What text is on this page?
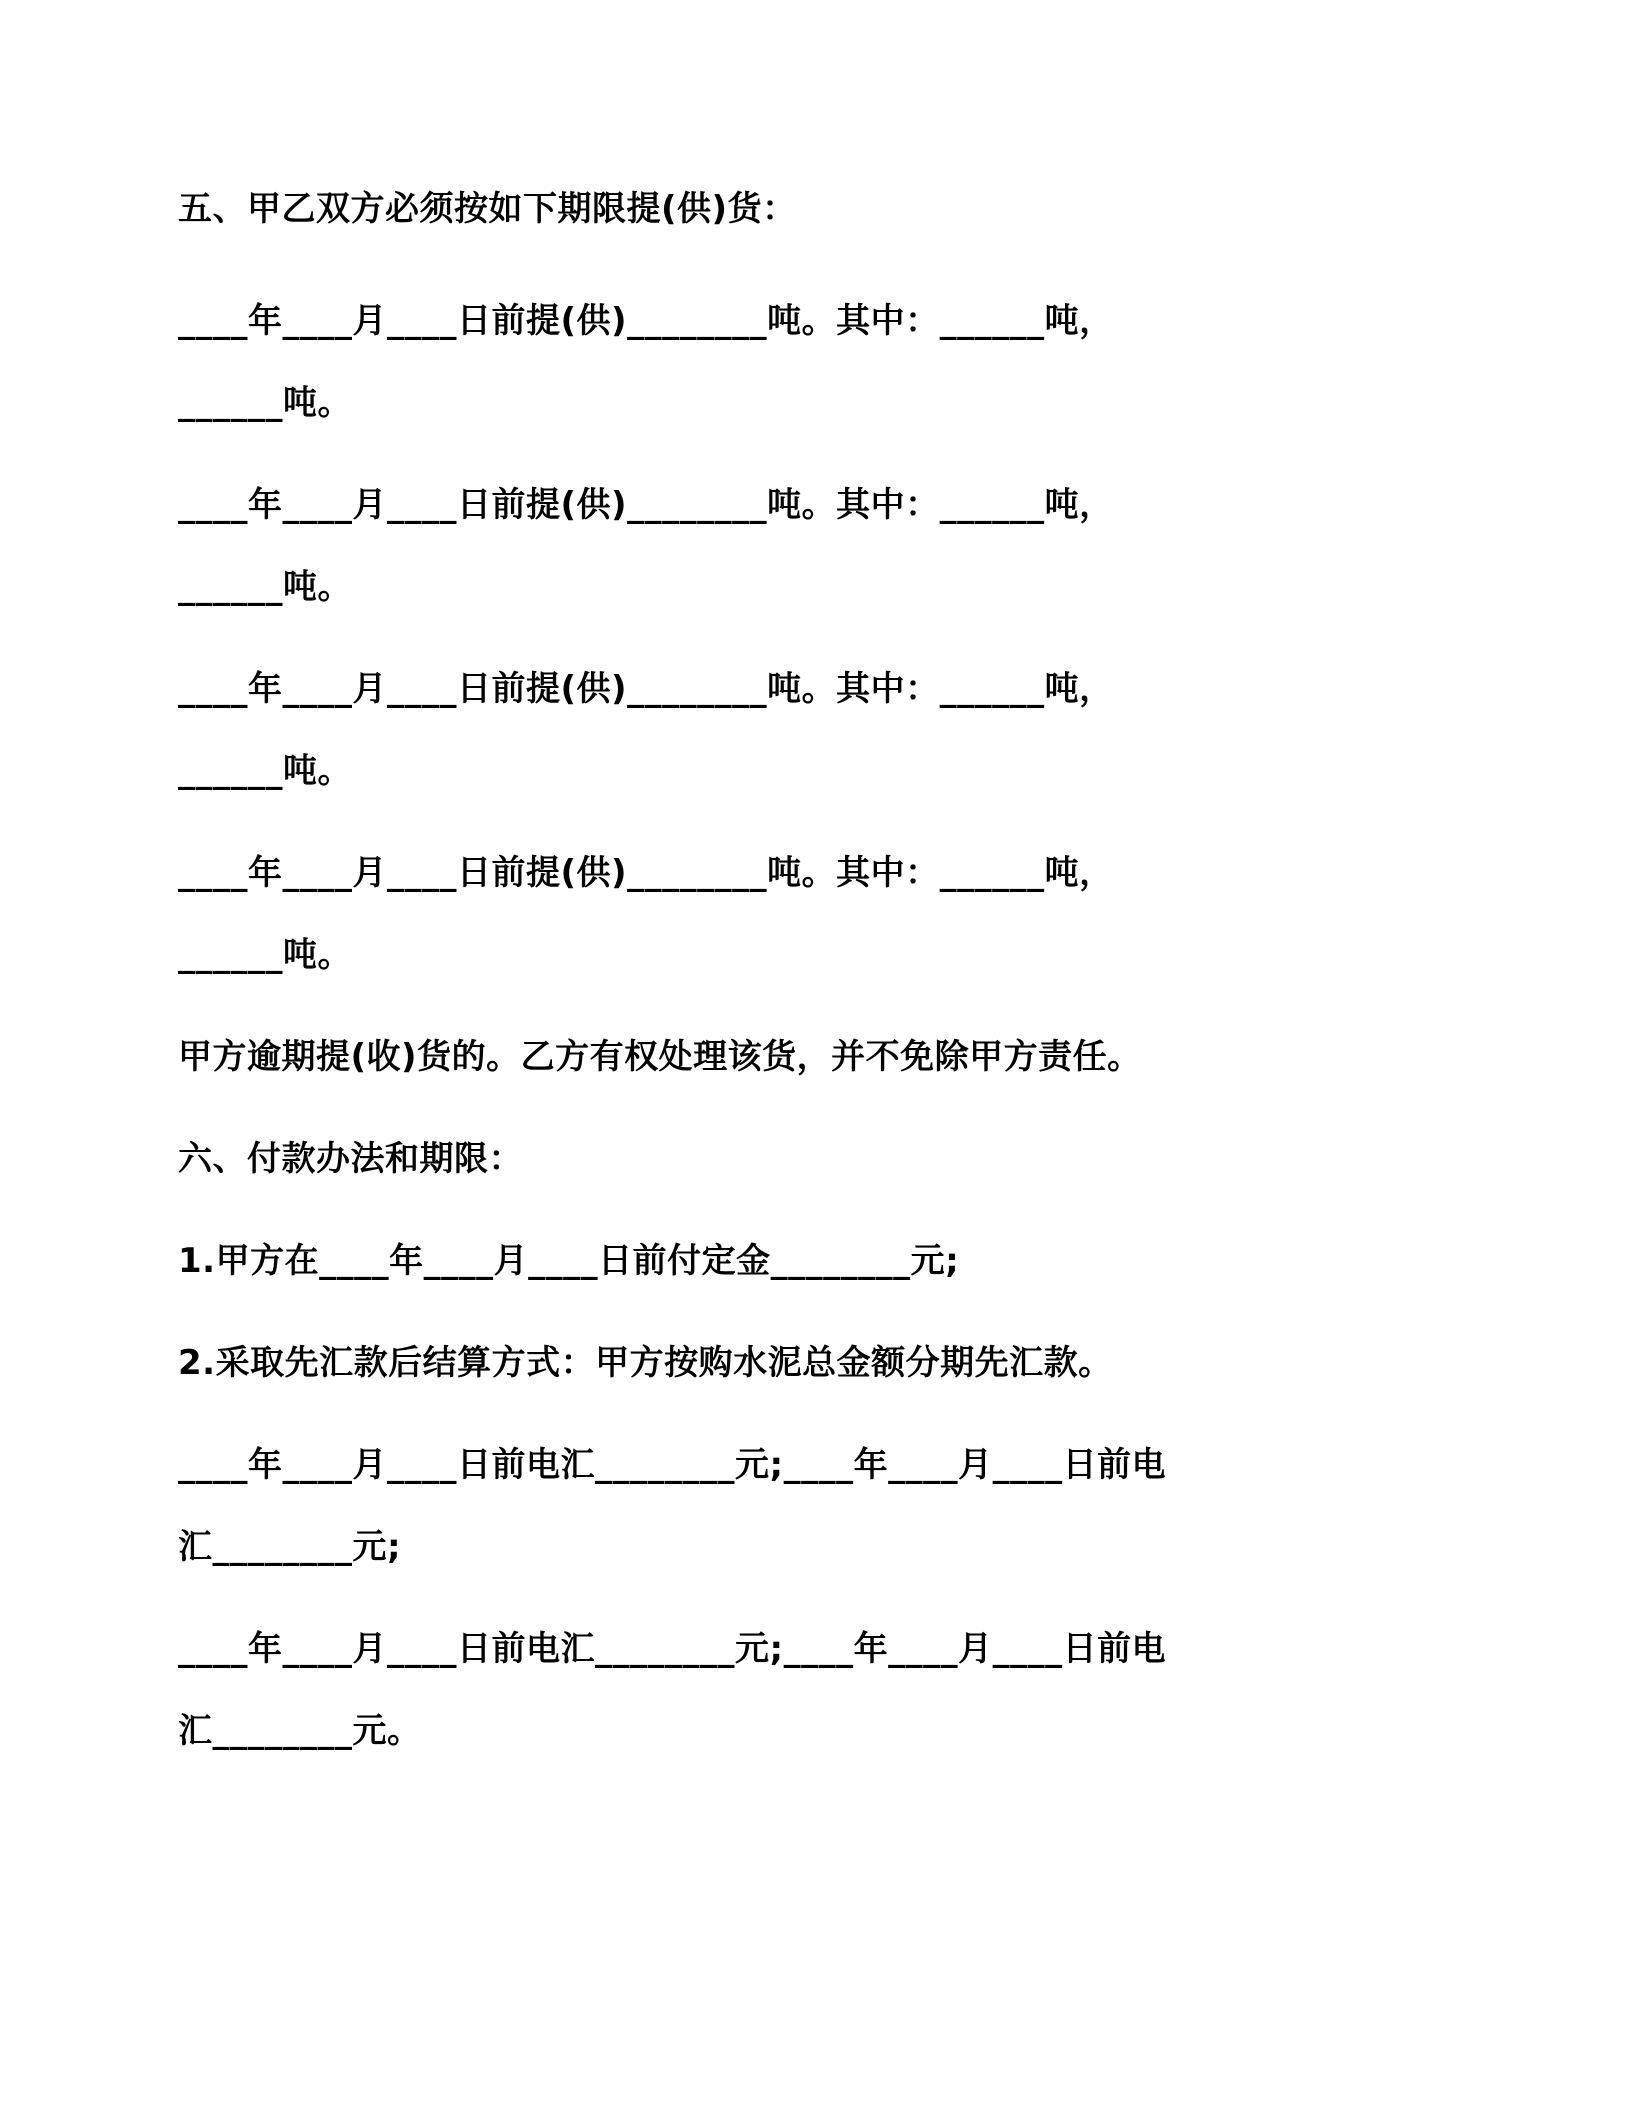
五、甲乙双方必须按如下期限提(供)货：

____年____月____日前提(供)________吨。其中：______吨，

______吨。

____年____月____日前提(供)________吨。其中：______吨，

______吨。

____年____月____日前提(供)________吨。其中：______吨，

______吨。

____年____月____日前提(供)________吨。其中：______吨，

______吨。

甲方逾期提(收)货的。乙方有权处理该货，并不免除甲方责任。

六、付款办法和期限：

1.甲方在____年____月____日前付定金________元;

2.采取先汇款后结算方式：甲方按购水泥总金额分期先汇款。

____年____月____日前电汇________元;____年____月____日前电

汇________元;

____年____月____日前电汇________元;____年____月____日前电

汇________元。
